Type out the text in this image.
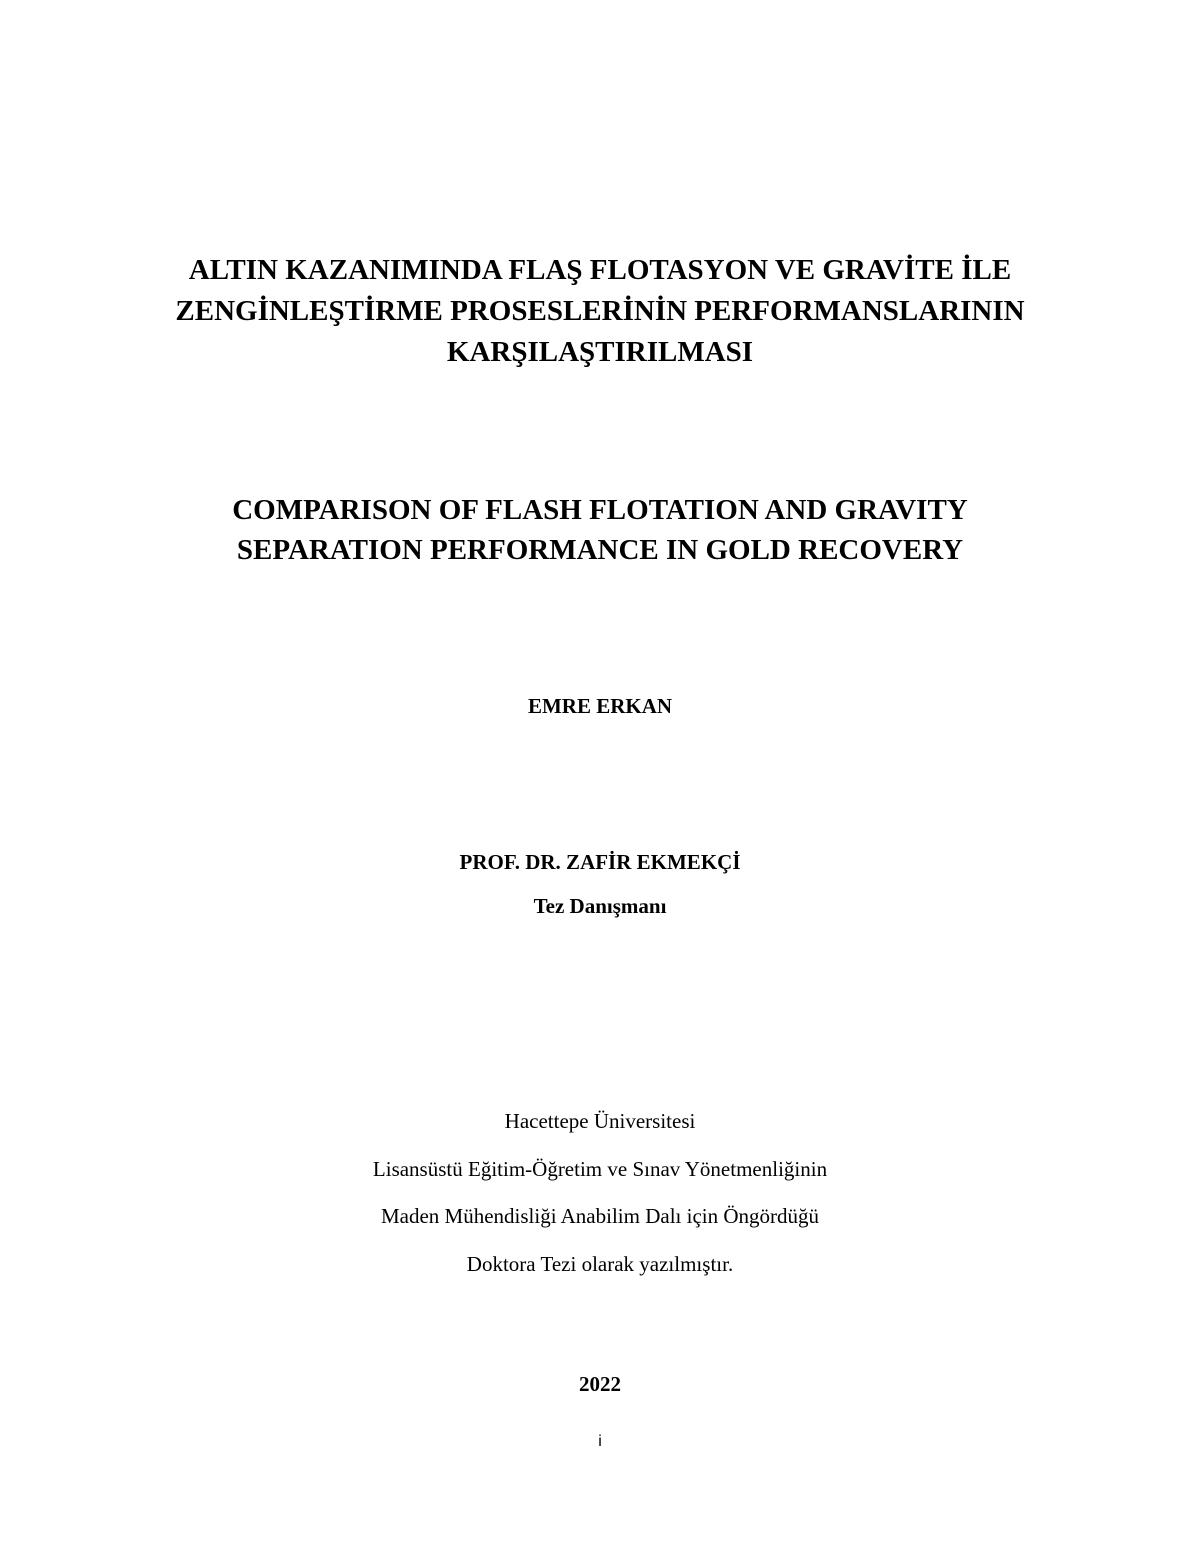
ALTIN KAZANIMINDA FLAŞ FLOTASYON VE GRAVİTE İLE
ZENGİNLEŞTİRME PROSESLERİNİN PERFORMANSLARININ
KARŞILAŞTIRILMASI
COMPARISON OF FLASH FLOTATION AND GRAVITY
SEPARATION PERFORMANCE IN GOLD RECOVERY
EMRE ERKAN
PROF. DR. ZAFİR EKMEKÇİ
Tez Danışmanı
Hacettepe Üniversitesi
Lisansüstü Eğitim-Öğretim ve Sınav Yönetmenliğinin
Maden Mühendisliği Anabilim Dalı için Öngördüğü
Doktora Tezi olarak yazılmıştır.
2022
i
